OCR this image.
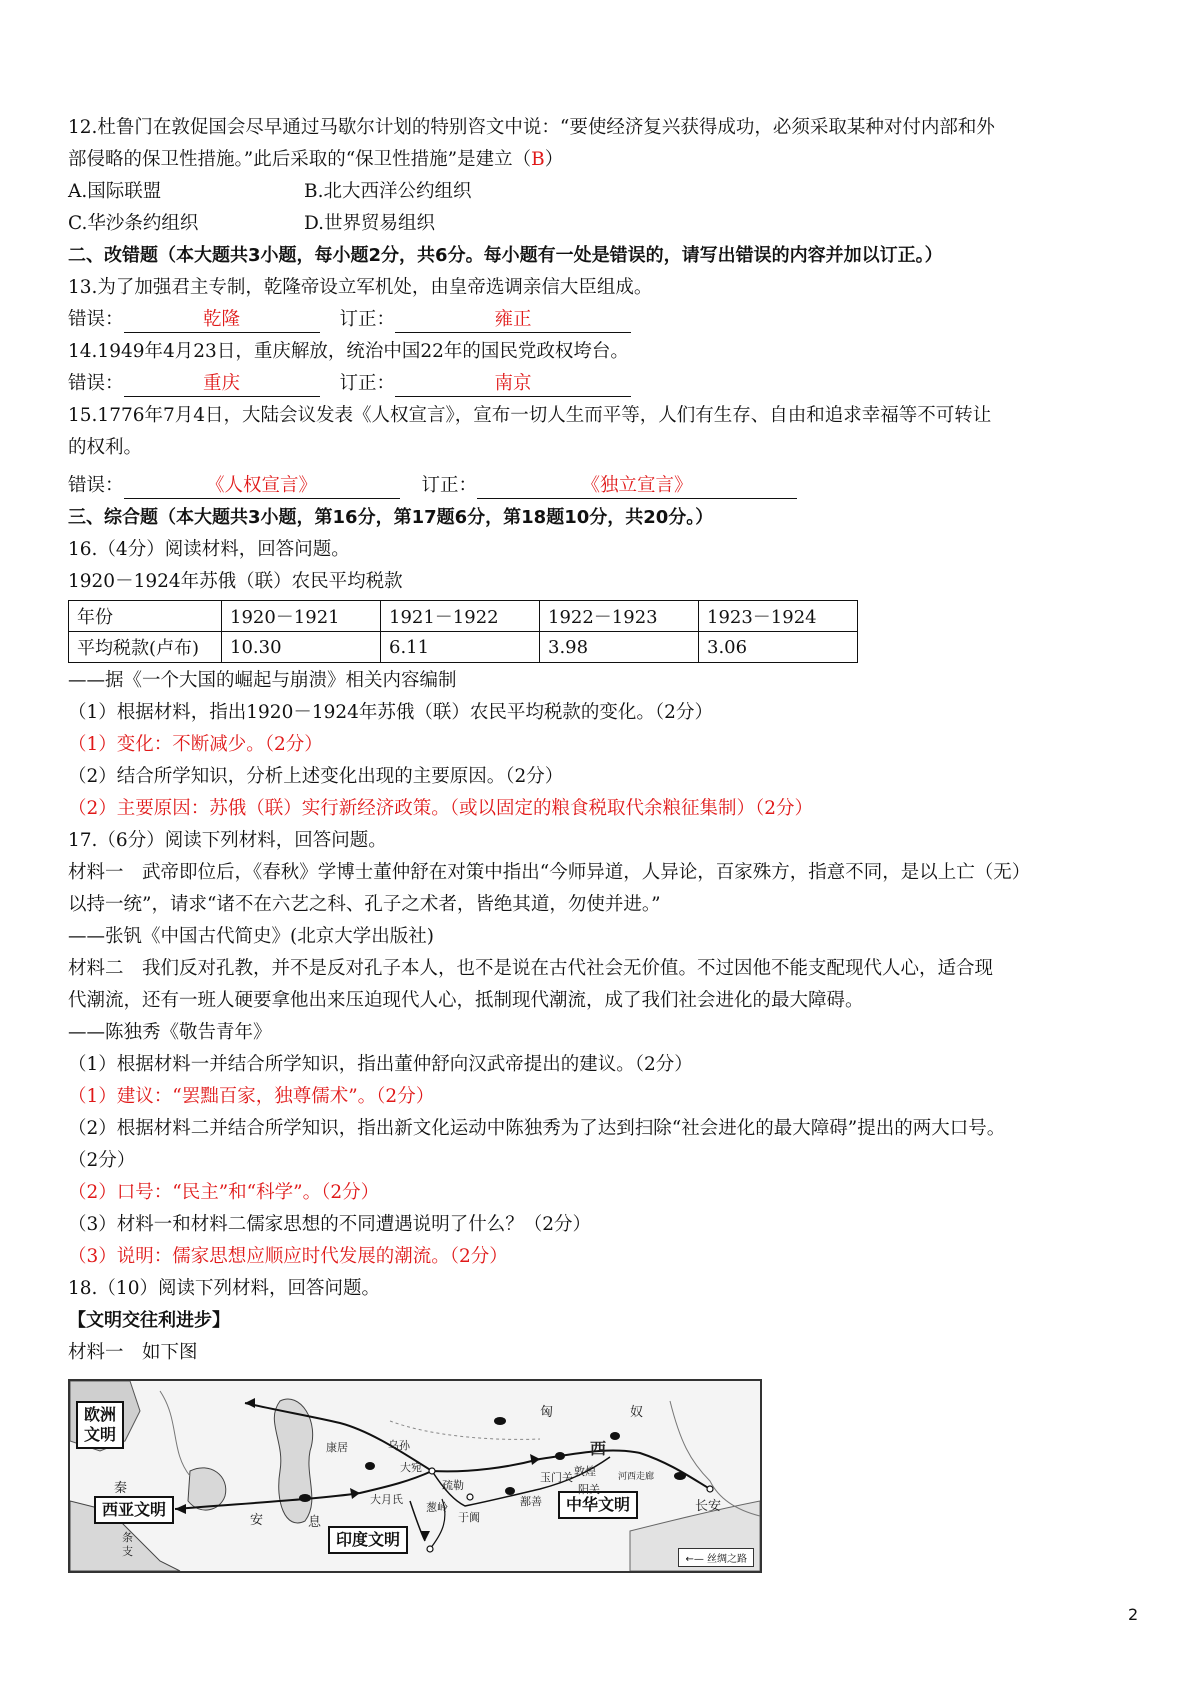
12.杜鲁门在敦促国会尽早通过马歇尔计划的特别咨文中说：“要使经济复兴获得成功，必须采取某种对付内部和外
部侵略的保卫性措施。”此后采取的“保卫性措施”是建立（B）
A.国际联盟	B.北大西洋公约组织
C.华沙条约组织	D.世界贸易组织
二、改错题（本大题共3小题，每小题2分，共6分。每小题有一处是错误的，请写出错误的内容并加以订正。）
13.为了加强君主专制，乾隆帝设立军机处，由皇帝选调亲信大臣组成。
错误：	乾隆	订正：	雍正
14.1949年4月23日，重庆解放，统治中国22年的国民党政权垮台。
错误：	重庆	订正：	南京
15.1776年7月4日，大陆会议发表《人权宣言》，宣布一切人生而平等，人们有生存、自由和追求幸福等不可转让
的权利。
错误：	《人权宣言》	订正：	《独立宣言》
三、综合题（本大题共3小题，第16分，第17题6分，第18题10分，共20分。）
16.（4分）阅读材料，回答问题。
1920－1924年苏俄（联）农民平均税款
年份	1920－1921	1921－1922	1922－1923	1923－1924
平均税款(卢布)	10.30	6.11	3.98	3.06
——据《一个大国的崛起与崩溃》相关内容编制
（1）根据材料，指出1920－1924年苏俄（联）农民平均税款的变化。（2分）
（1）变化：不断减少。（2分）
（2）结合所学知识，分析上述变化出现的主要原因。（2分）
（2）主要原因：苏俄（联）实行新经济政策。（或以固定的粮食税取代余粮征集制）（2分）
17.（6分）阅读下列材料，回答问题。
材料一　武帝即位后，《春秋》学博士董仲舒在对策中指出“今师异道，人异论，百家殊方，指意不同，是以上亡（无）
以持一统”，请求“诸不在六艺之科、孔子之术者，皆绝其道，勿使并进。”
——张钒《中国古代简史》(北京大学出版社)
材料二　我们反对孔教，并不是反对孔子本人，也不是说在古代社会无价值。不过因他不能支配现代人心，适合现
代潮流，还有一班人硬要拿他出来压迫现代人心，抵制现代潮流，成了我们社会进化的最大障碍。
——陈独秀《敬告青年》
（1）根据材料一并结合所学知识，指出董仲舒向汉武帝提出的建议。（2分）
（1）建议：“罢黜百家，独尊儒术”。（2分）
（2）根据材料二并结合所学知识，指出新文化运动中陈独秀为了达到扫除“社会进化的最大障碍”提出的两大口号。
（2分）
（2）口号：“民主”和“科学”。（2分）
（3）材料一和材料二儒家思想的不同遭遇说明了什么？（2分）
（3）说明：儒家思想应顺应时代发展的潮流。（2分）
18.（10）阅读下列材料，回答问题。
【文明交往利进步】
材料一　如下图
欧洲
文明
西亚文明
印度文明
中华文明
匈	奴
康居	乌孙
大宛
疏勒
大月氏
葱岭
于阗
鄯善
玉门关 敦煌
阳关
河西走廊
西
长安
秦
安	息
条
支
←— 丝绸之路
2
